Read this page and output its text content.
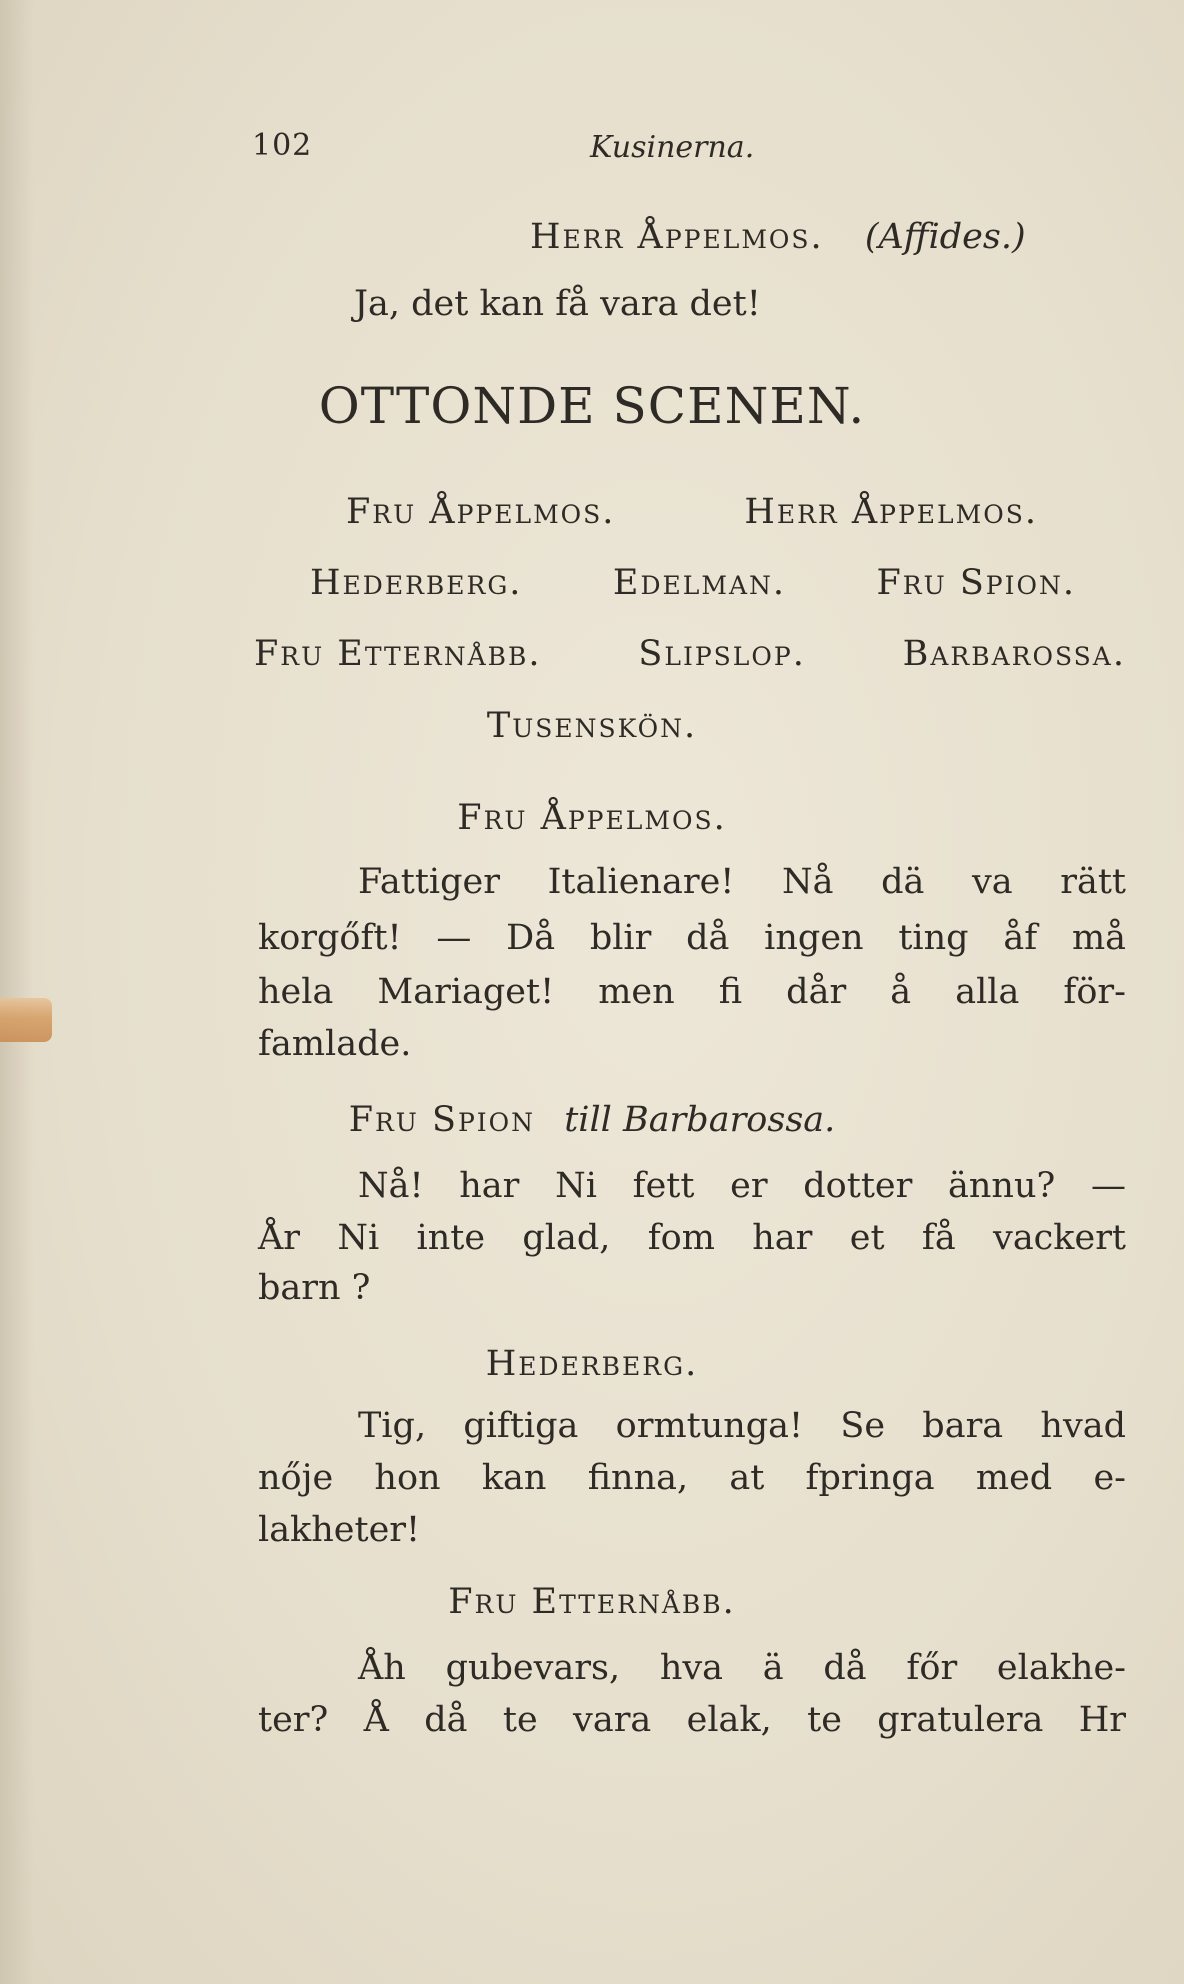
102	Kusinerna.
Herr Åppelmos. (Affides.)
Ja, det kan få vara det!
OTTONDE SCENEN.
Fru Åppelmos.	Herr Åppelmos.
Hederberg.	Edelman.	Fru Spion.
Fru Etternåbb.	Slipslop.	Barbarossa.
Tusenskön.
Fru Åppelmos.
Fattiger Italienare! Nå dä va rätt
korgőft! — Då blir då ingen ting åf må
hela Mariaget! men fi dår å alla för-
famlade.
Fru Spion till Barbarossa.
Nå! har Ni fett er dotter ännu? —
År Ni inte glad, fom har et få vackert
barn ?
Hederberg.
Tig, giftiga ormtunga! Se bara hvad
nője hon kan finna, at fpringa med e-
lakheter!
Fru Etternåbb.
Åh gubevars, hva ä då főr elakhe-
ter? Å då te vara elak, te gratulera Hr
